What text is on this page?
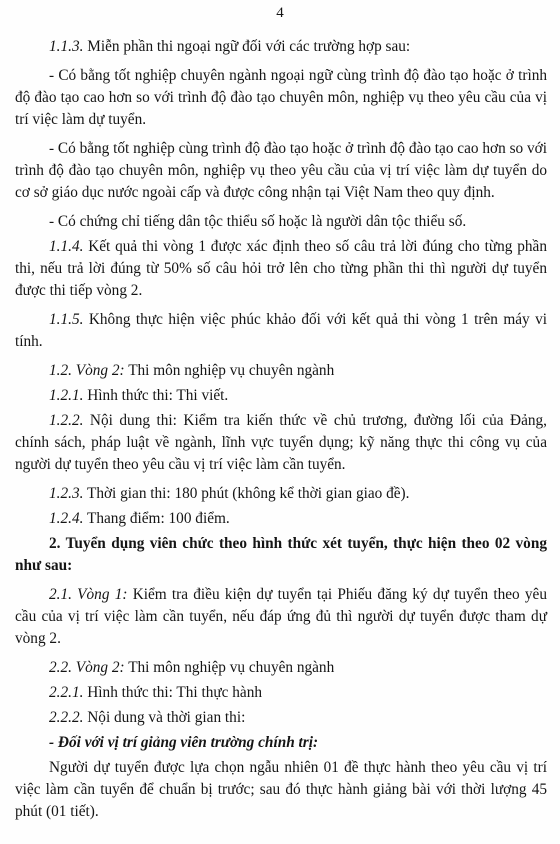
4

1.1.3. Miễn phần thi ngoại ngữ đối với các trường hợp sau:

- Có bằng tốt nghiệp chuyên ngành ngoại ngữ cùng trình độ đào tạo hoặc ở trình độ đào tạo cao hơn so với trình độ đào tạo chuyên môn, nghiệp vụ theo yêu cầu của vị trí việc làm dự tuyển.

- Có bằng tốt nghiệp cùng trình độ đào tạo hoặc ở trình độ đào tạo cao hơn so với trình độ đào tạo chuyên môn, nghiệp vụ theo yêu cầu của vị trí việc làm dự tuyển do cơ sở giáo dục nước ngoài cấp và được công nhận tại Việt Nam theo quy định.

- Có chứng chỉ tiếng dân tộc thiểu số hoặc là người dân tộc thiểu số.

1.1.4. Kết quả thi vòng 1 được xác định theo số câu trả lời đúng cho từng phần thi, nếu trả lời đúng từ 50% số câu hỏi trở lên cho từng phần thi thì người dự tuyển được thi tiếp vòng 2.

1.1.5. Không thực hiện việc phúc khảo đối với kết quả thi vòng 1 trên máy vi tính.

1.2. Vòng 2: Thi môn nghiệp vụ chuyên ngành

1.2.1. Hình thức thi: Thi viết.

1.2.2. Nội dung thi: Kiểm tra kiến thức về chủ trương, đường lối của Đảng, chính sách, pháp luật về ngành, lĩnh vực tuyển dụng; kỹ năng thực thi công vụ của người dự tuyển theo yêu cầu vị trí việc làm cần tuyển.

1.2.3. Thời gian thi: 180 phút (không kể thời gian giao đề).

1.2.4. Thang điểm: 100 điểm.

2. Tuyển dụng viên chức theo hình thức xét tuyển, thực hiện theo 02 vòng như sau:

2.1. Vòng 1: Kiểm tra điều kiện dự tuyển tại Phiếu đăng ký dự tuyển theo yêu cầu của vị trí việc làm cần tuyển, nếu đáp ứng đủ thì người dự tuyển được tham dự vòng 2.

2.2. Vòng 2: Thi môn nghiệp vụ chuyên ngành

2.2.1. Hình thức thi: Thi thực hành

2.2.2. Nội dung và thời gian thi:

- Đối với vị trí giảng viên trường chính trị:

Người dự tuyển được lựa chọn ngẫu nhiên 01 đề thực hành theo yêu cầu vị trí việc làm cần tuyển để chuẩn bị trước; sau đó thực hành giảng bài với thời lượng 45 phút (01 tiết).
